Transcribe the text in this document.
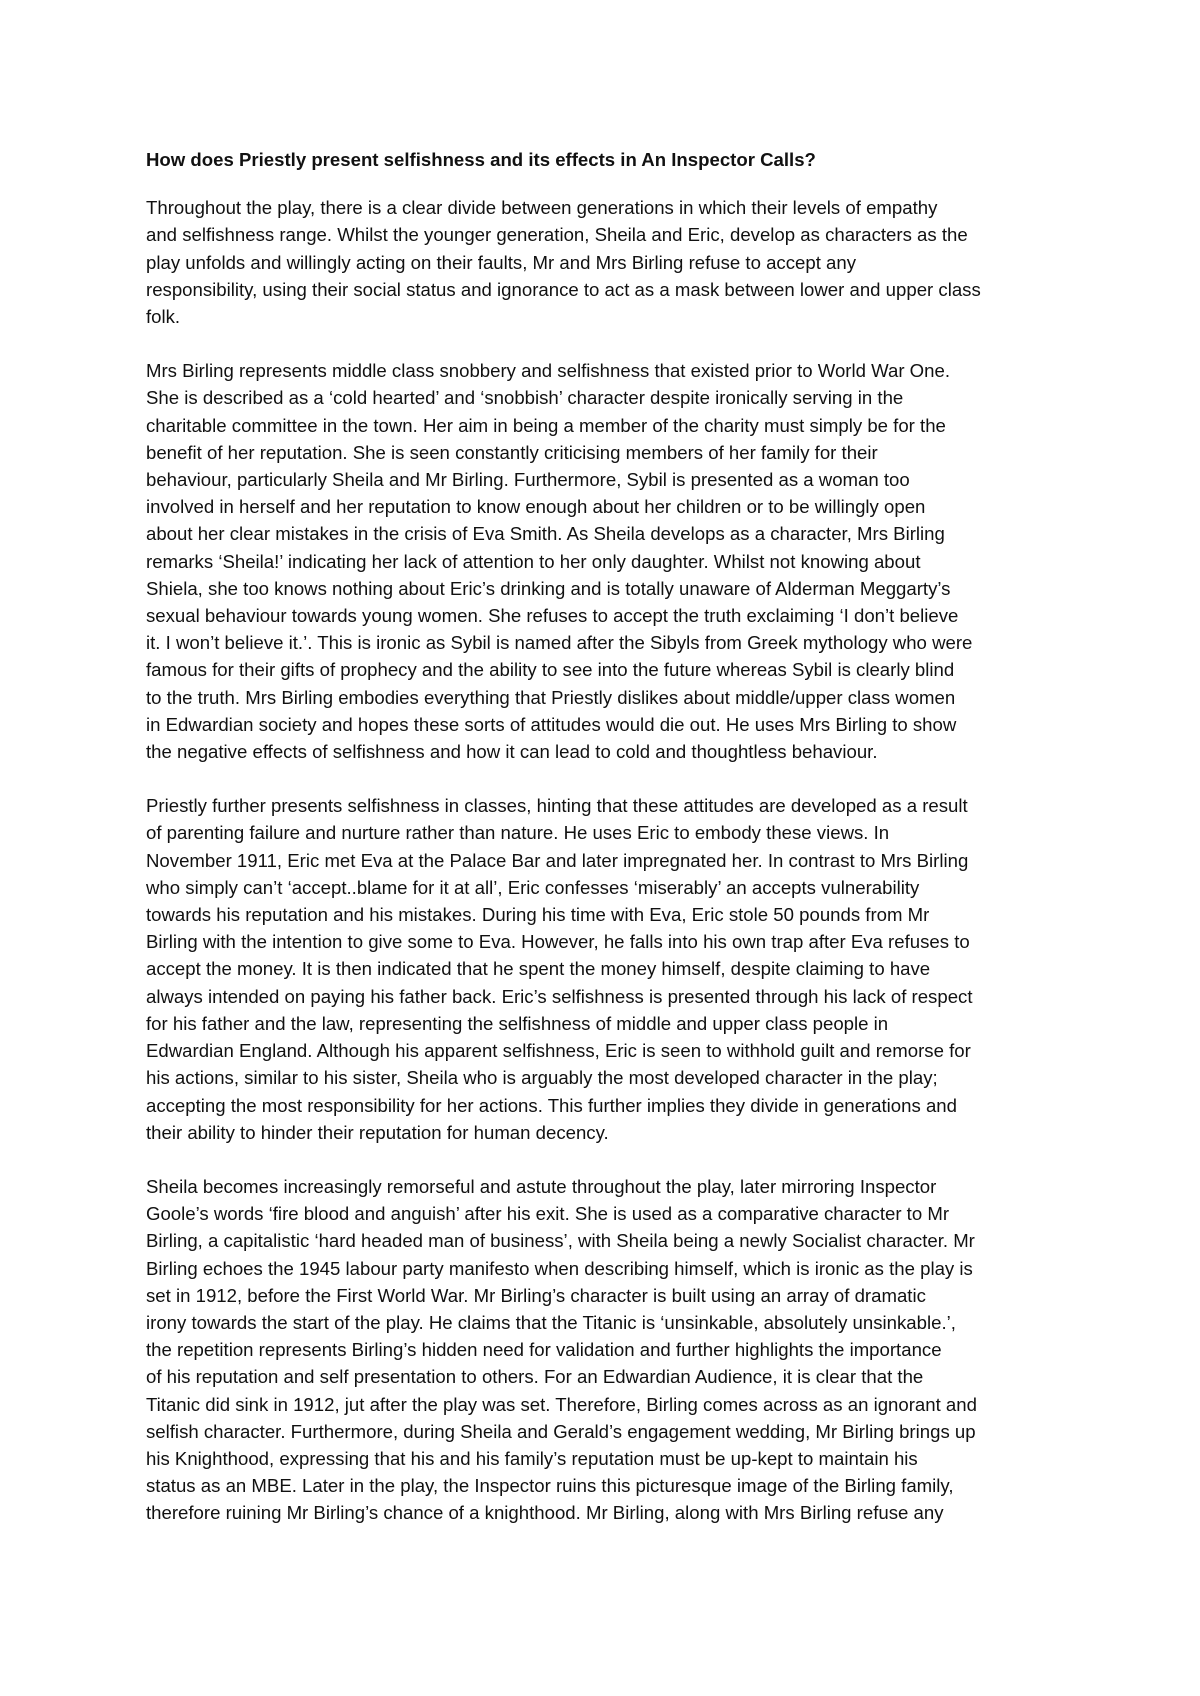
How does Priestly present selfishness and its effects in An Inspector Calls?

Throughout the play, there is a clear divide between generations in which their levels of empathy
and selfishness range. Whilst the younger generation, Sheila and Eric, develop as characters as the
play unfolds and willingly acting on their faults, Mr and Mrs Birling refuse to accept any
responsibility, using their social status and ignorance to act as a mask between lower and upper class
folk.

Mrs Birling represents middle class snobbery and selfishness that existed prior to World War One.
She is described as a ‘cold hearted’ and ‘snobbish’ character despite ironically serving in the
charitable committee in the town. Her aim in being a member of the charity must simply be for the
benefit of her reputation. She is seen constantly criticising members of her family for their
behaviour, particularly Sheila and Mr Birling. Furthermore, Sybil is presented as a woman too
involved in herself and her reputation to know enough about her children or to be willingly open
about her clear mistakes in the crisis of Eva Smith. As Sheila develops as a character, Mrs Birling
remarks ‘Sheila!’ indicating her lack of attention to her only daughter. Whilst not knowing about
Shiela, she too knows nothing about Eric’s drinking and is totally unaware of Alderman Meggarty’s
sexual behaviour towards young women. She refuses to accept the truth exclaiming ‘I don’t believe
it. I won’t believe it.’. This is ironic as Sybil is named after the Sibyls from Greek mythology who were
famous for their gifts of prophecy and the ability to see into the future whereas Sybil is clearly blind
to the truth. Mrs Birling embodies everything that Priestly dislikes about middle/upper class women
in Edwardian society and hopes these sorts of attitudes would die out. He uses Mrs Birling to show
the negative effects of selfishness and how it can lead to cold and thoughtless behaviour.

Priestly further presents selfishness in classes, hinting that these attitudes are developed as a result
of parenting failure and nurture rather than nature. He uses Eric to embody these views. In
November 1911, Eric met Eva at the Palace Bar and later impregnated her. In contrast to Mrs Birling
who simply can’t ‘accept..blame for it at all’, Eric confesses ‘miserably’ an accepts vulnerability
towards his reputation and his mistakes. During his time with Eva, Eric stole 50 pounds from Mr
Birling with the intention to give some to Eva. However, he falls into his own trap after Eva refuses to
accept the money. It is then indicated that he spent the money himself, despite claiming to have
always intended on paying his father back. Eric’s selfishness is presented through his lack of respect
for his father and the law, representing the selfishness of middle and upper class people in
Edwardian England. Although his apparent selfishness, Eric is seen to withhold guilt and remorse for
his actions, similar to his sister, Sheila who is arguably the most developed character in the play;
accepting the most responsibility for her actions. This further implies they divide in generations and
their ability to hinder their reputation for human decency.

Sheila becomes increasingly remorseful and astute throughout the play, later mirroring Inspector
Goole’s words ‘fire blood and anguish’ after his exit. She is used as a comparative character to Mr
Birling, a capitalistic ‘hard headed man of business’, with Sheila being a newly Socialist character. Mr
Birling echoes the 1945 labour party manifesto when describing himself, which is ironic as the play is
set in 1912, before the First World War. Mr Birling’s character is built using an array of dramatic
irony towards the start of the play. He claims that the Titanic is ‘unsinkable, absolutely unsinkable.’,
the repetition represents Birling’s hidden need for validation and further highlights the importance
of his reputation and self presentation to others. For an Edwardian Audience, it is clear that the
Titanic did sink in 1912, jut after the play was set. Therefore, Birling comes across as an ignorant and
selfish character. Furthermore, during Sheila and Gerald’s engagement wedding, Mr Birling brings up
his Knighthood, expressing that his and his family’s reputation must be up-kept to maintain his
status as an MBE. Later in the play, the Inspector ruins this picturesque image of the Birling family,
therefore ruining Mr Birling’s chance of a knighthood. Mr Birling, along with Mrs Birling refuse any
